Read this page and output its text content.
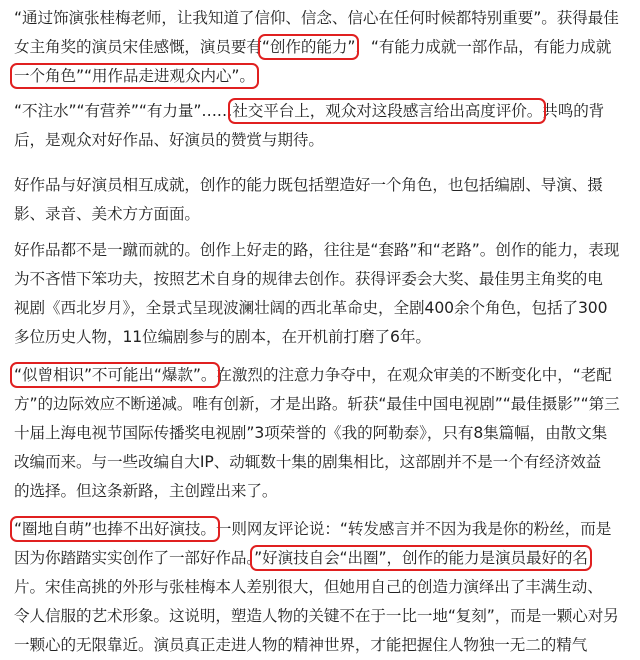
“通过饰演张桂梅老师，让我知道了信仰、信念、信心在任何时候都特别重要”。获得最佳
女主角奖的演员宋佳感慨，演员要有“创作的能力”，“有能力成就一部作品，有能力成就
一个角色”“用作品走进观众内心”。
“不注水”“有营养”“有力量”……社交平台上，观众对这段感言给出高度评价。共鸣的背
后，是观众对好作品、好演员的赞赏与期待。
好作品与好演员相互成就，创作的能力既包括塑造好一个角色，也包括编剧、导演、摄
影、录音、美术方方面面。
好作品都不是一蹴而就的。创作上好走的路，往往是“套路”和“老路”。创作的能力，表现
为不吝惜下笨功夫，按照艺术自身的规律去创作。获得评委会大奖、最佳男主角奖的电
视剧《西北岁月》，全景式呈现波澜壮阔的西北革命史，全剧400余个角色，包括了300
多位历史人物，11位编剧参与的剧本，在开机前打磨了6年。
“似曾相识”不可能出“爆款”。在激烈的注意力争夺中，在观众审美的不断变化中，“老配
方”的边际效应不断递减。唯有创新，才是出路。斩获“最佳中国电视剧”“最佳摄影”“第三
十届上海电视节国际传播奖电视剧”3项荣誉的《我的阿勒泰》，只有8集篇幅，由散文集
改编而来。与一些改编自大IP、动辄数十集的剧集相比，这部剧并不是一个有经济效益
的选择。但这条新路，主创蹚出来了。
“圈地自萌”也捧不出好演技。一则网友评论说：“转发感言并不因为我是你的粉丝，而是
因为你踏踏实实创作了一部好作品。”好演技自会“出圈”，创作的能力是演员最好的名
片。宋佳高挑的外形与张桂梅本人差别很大，但她用自己的创造力演绎出了丰满生动、
令人信服的艺术形象。这说明，塑造人物的关键不在于一比一地“复刻”，而是一颗心对另
一颗心的无限靠近。演员真正走进人物的精神世界，才能把握住人物独一无二的精气
